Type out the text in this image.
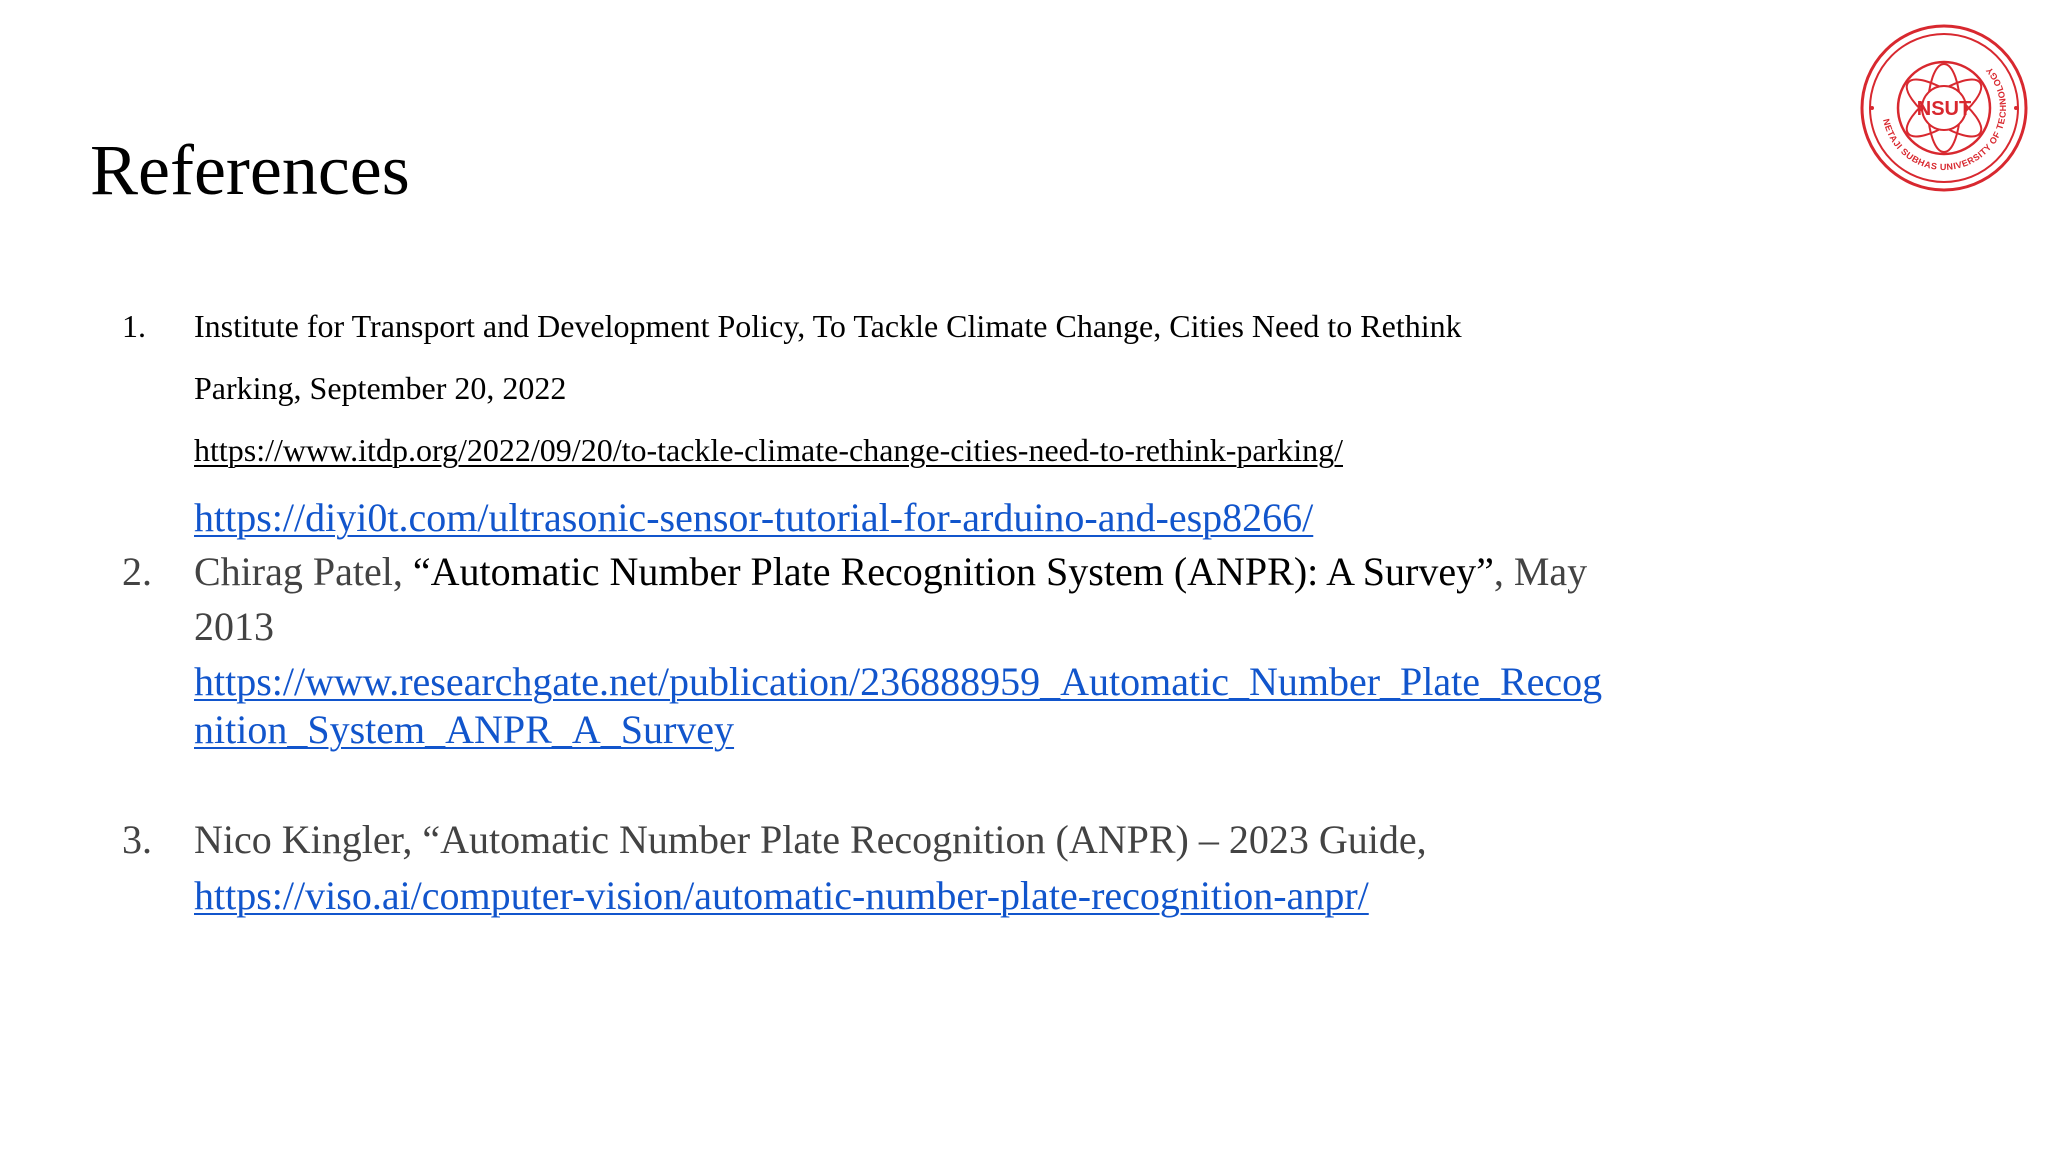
References
NSUT
NETAJI SUBHAS UNIVERSITY OF TECHNOLOGY
1. Institute for Transport and Development Policy, To Tackle Climate Change, Cities Need to Rethink
Parking, September 20, 2022
https://www.itdp.org/2022/09/20/to-tackle-climate-change-cities-need-to-rethink-parking/
https://diyi0t.com/ultrasonic-sensor-tutorial-for-arduino-and-esp8266/
2. Chirag Patel, “Automatic Number Plate Recognition System (ANPR): A Survey”, May
2013
https://www.researchgate.net/publication/236888959_Automatic_Number_Plate_Recog
nition_System_ANPR_A_Survey
3. Nico Kingler, “Automatic Number Plate Recognition (ANPR) – 2023 Guide,
https://viso.ai/computer-vision/automatic-number-plate-recognition-anpr/
